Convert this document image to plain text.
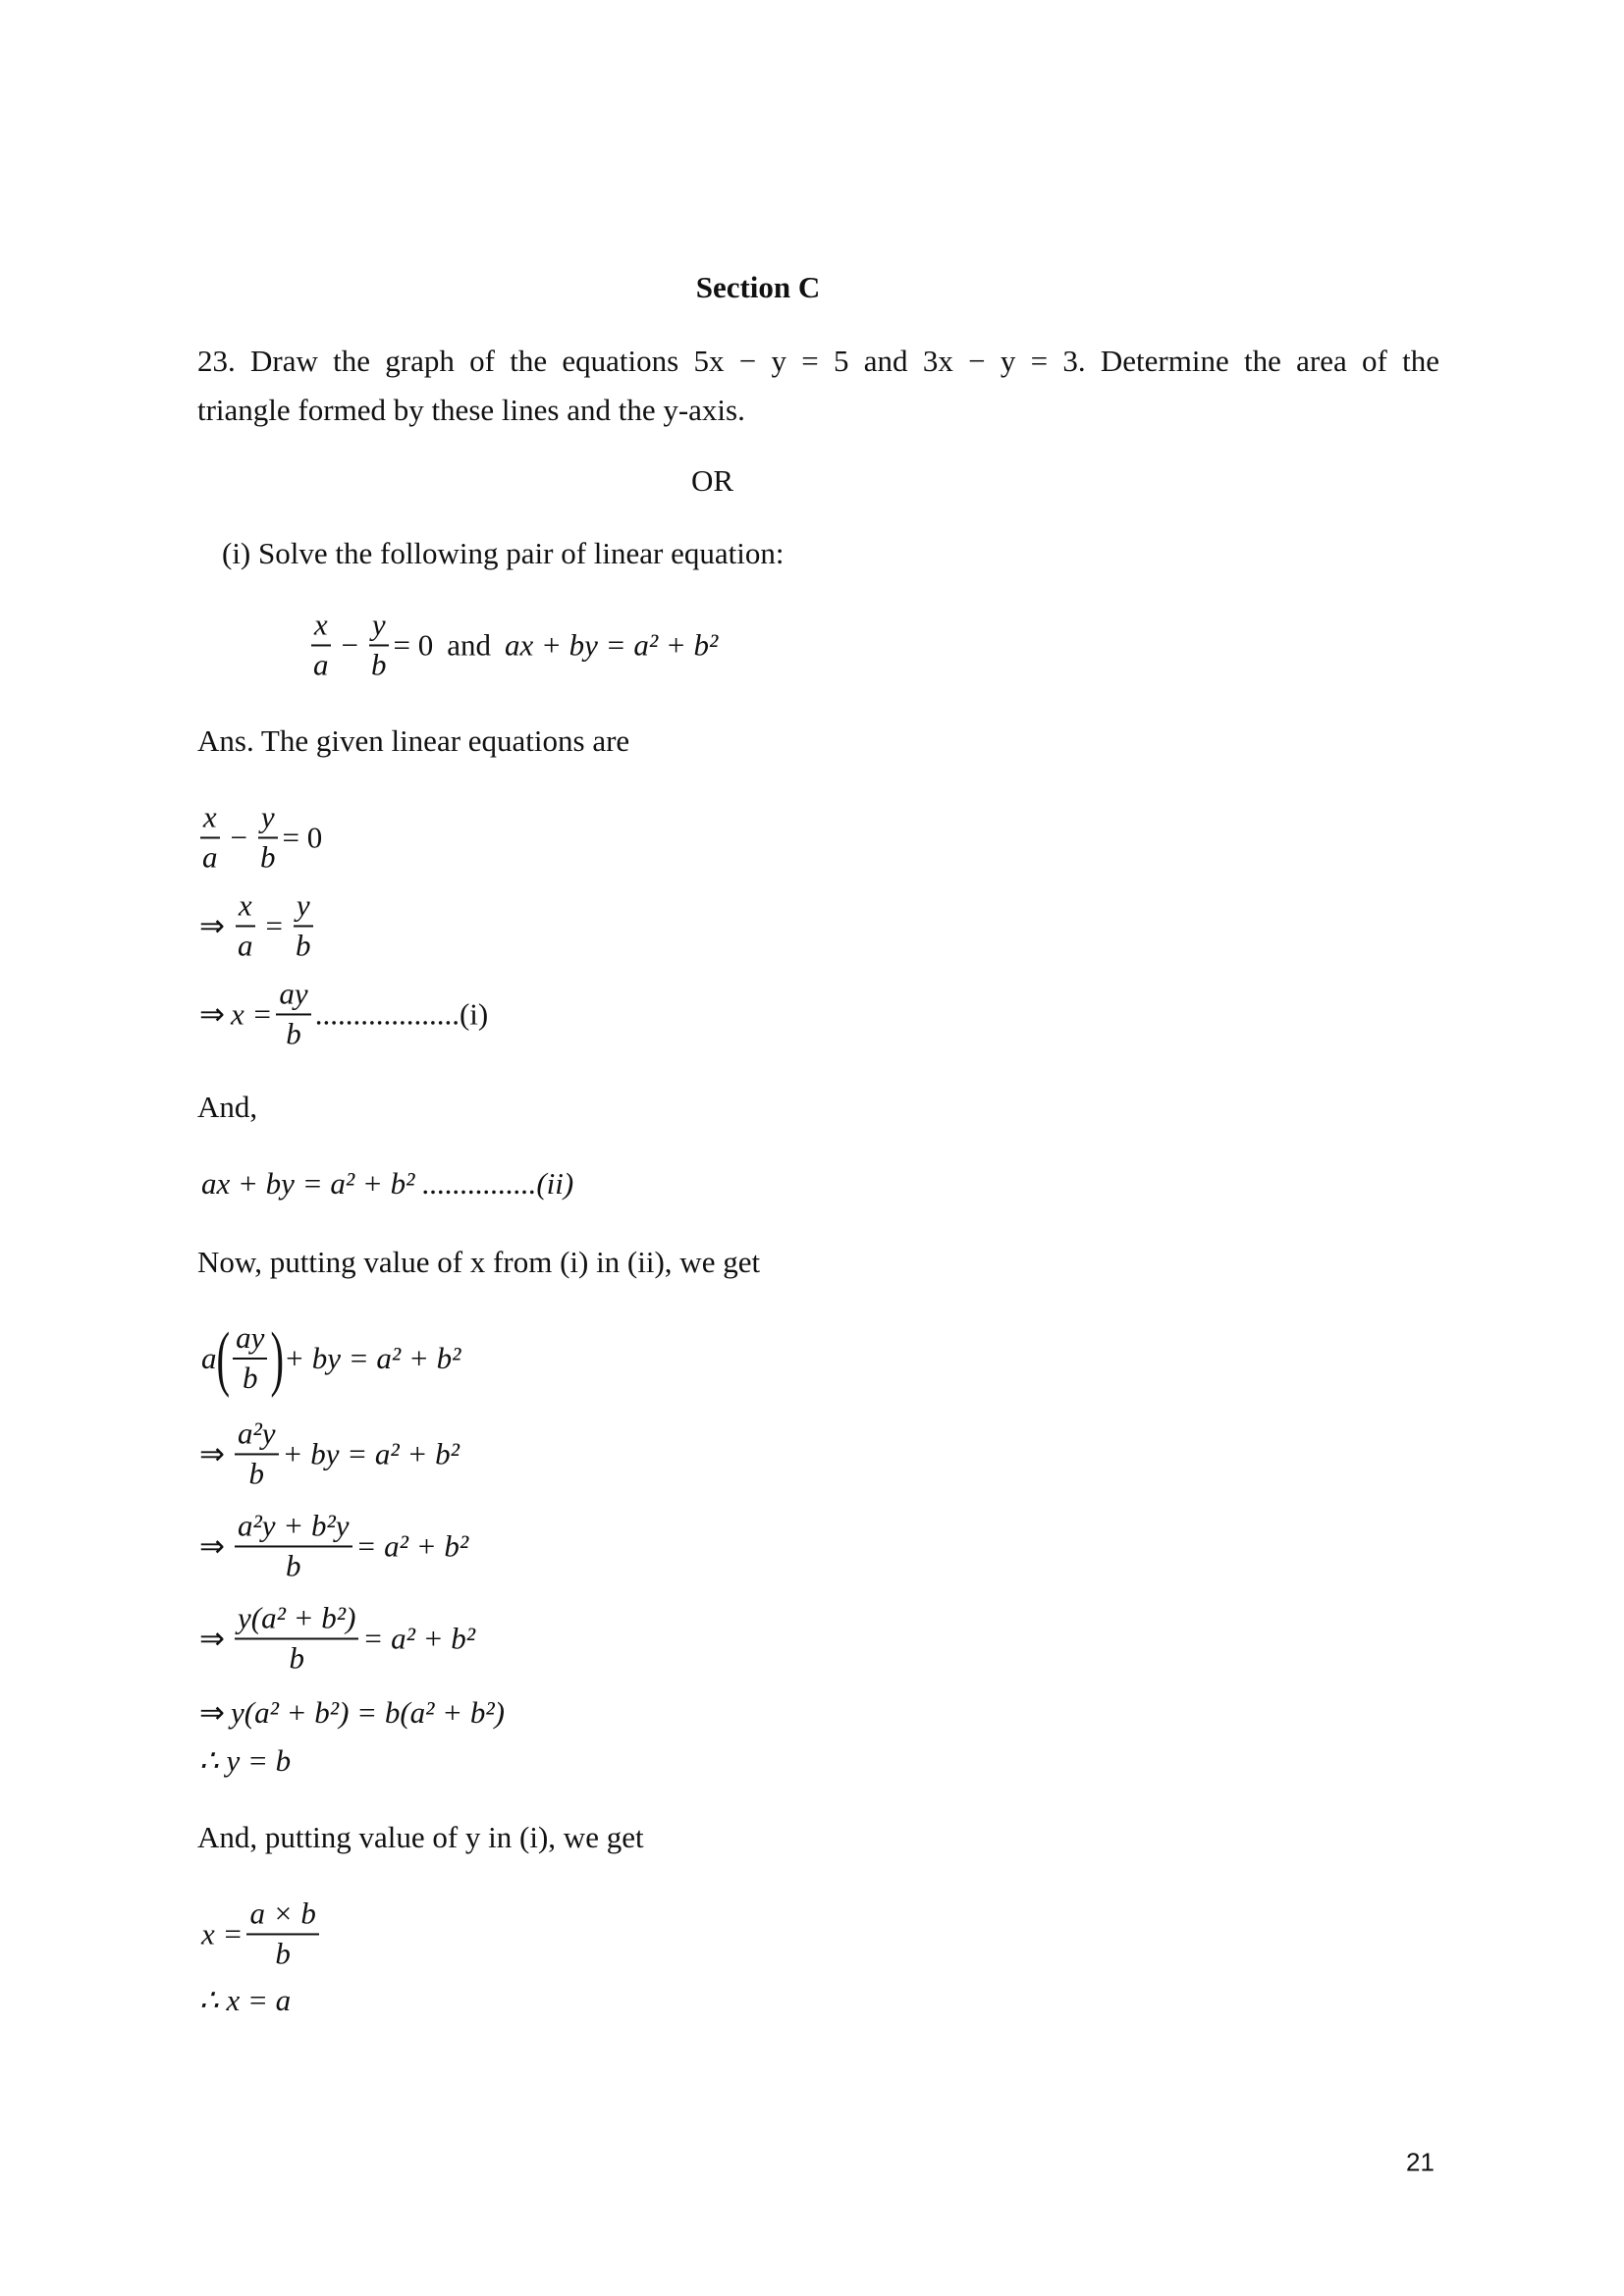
Section C
23. Draw the graph of the equations 5x − y = 5 and 3x − y = 3. Determine the area of the
triangle formed by these lines and the y-axis.
OR
(i) Solve the following pair of linear equation:
$\frac{x}{a} - \frac{y}{b} = 0$ and ax + by = a² + b²
Ans. The given linear equations are
$\frac{x}{a} - \frac{y}{b} = 0$
⇒ $\frac{x}{a} = \frac{y}{b}$
⇒ $x = \frac{ay}{b} ...................(i)$
And,
ax + by = a² + b² ...............(ii)
Now, putting value of x from (i) in (ii), we get
a ( $\frac{ay}{b}$ ) + by = a² + b²
⇒ $\frac{\text{a²y}}{b}$ + by = a² + b²
⇒ $\frac{\text{a²y + b²y}}{b} = a^2 + b^2$
⇒ $\frac{\text{y(a² + b²)}}{b} = a^2 + b^2$
⇒ y(a² + b²) = b(a² + b²)
∴ y = b
And, putting value of y in (i), we get
$x = \frac{a \times b}{b}$
∴ x = a
21
